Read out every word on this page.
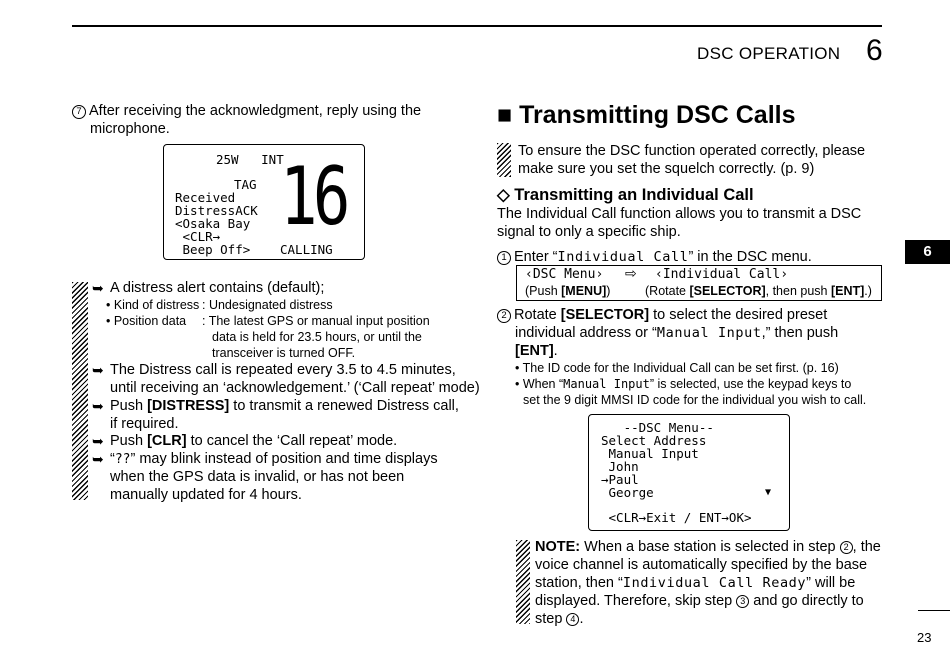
DSC OPERATION 6
6
23
7 After receiving the acknowledgment, reply using the
microphone.
25W   INT
TAG
Received
DistressACK
<Osaka Bay
<CLR→
Beep Off>
16
CALLING
➥ A distress alert contains (default);
• Kind of distress : Undesignated distress
• Position data : The latest GPS or manual input position
data is held for 23.5 hours, or until the
transceiver is turned OFF.
➥ The Distress call is repeated every 3.5 to 4.5 minutes,
until receiving an ‘acknowledgement.’ (‘Call repeat’ mode)
➥ Push [DISTRESS] to transmit a renewed Distress call,
if required.
➥ Push [CLR] to cancel the ‘Call repeat’ mode.
➥ “??” may blink instead of position and time displays
when the GPS data is invalid, or has not been
manually updated for 4 hours.
■ Transmitting DSC Calls
To ensure the DSC function operated correctly, please
make sure you set the squelch correctly. (p. 9)
◇ Transmitting an Individual Call
The Individual Call function allows you to transmit a DSC
signal to only a specific ship.
1 Enter “Individual Call” in the DSC menu.
‹DSC Menu› ⇨ ‹Individual Call›
(Push [MENU])	(Rotate [SELECTOR], then push [ENT].)
2 Rotate [SELECTOR] to select the desired preset
individual address or “Manual Input,” then push
[ENT].
• The ID code for the Individual Call can be set first. (p. 16)
• When “Manual Input” is selected, use the keypad keys to
set the 9 digit MMSI ID code for the individual you wish to call.
--DSC Menu--
Select Address
Manual Input
John
→Paul
George	▼
<CLR→Exit / ENT→OK>
NOTE: When a base station is selected in step 2 , the
voice channel is automatically specified by the base
station, then “Individual Call Ready” will be
displayed. Therefore, skip step 3 and go directly to
step 4 .
